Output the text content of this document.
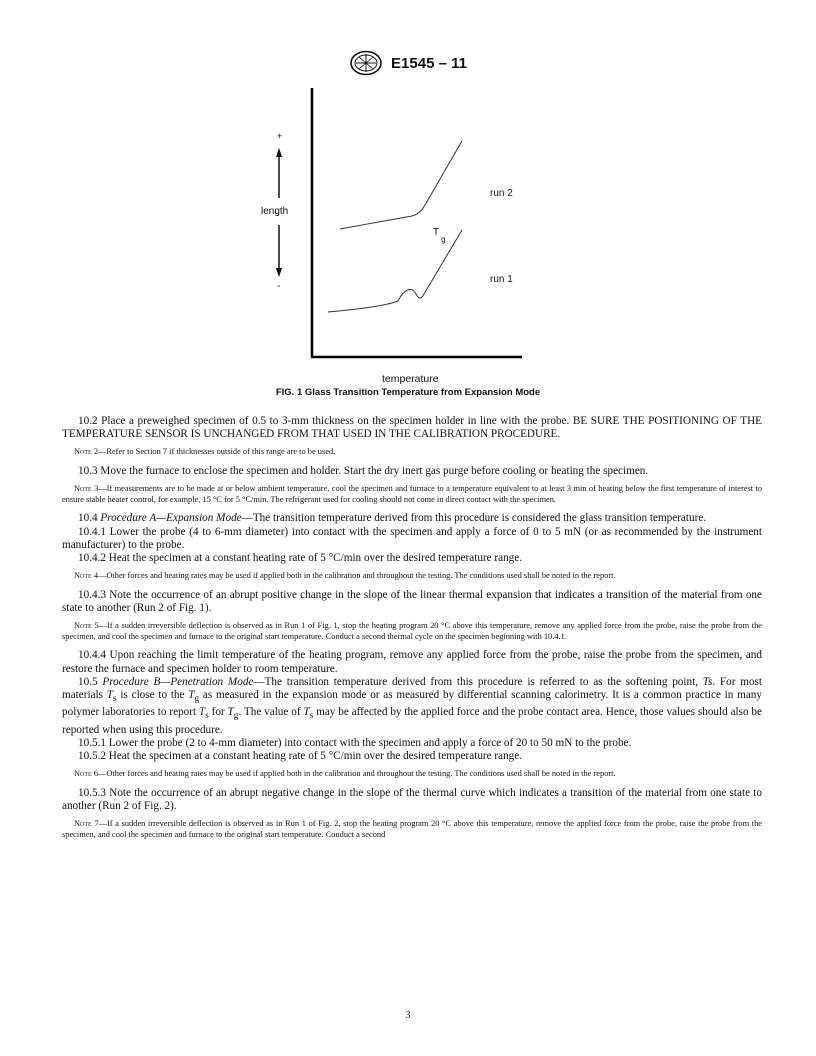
E1545 – 11
+
length
-
run 2
run 1
$T_g$
temperature
FIG. 1 Glass Transition Temperature from Expansion Mode

10.2 Place a preweighed specimen of 0.5 to 3-mm thickness on the specimen holder in line with the probe. BE SURE THE POSITIONING OF THE TEMPERATURE SENSOR IS UNCHANGED FROM THAT USED IN THE CALIBRATION PROCEDURE.

Note 2—Refer to Section 7 if thicknesses outside of this range are to be used.

10.3 Move the furnace to enclose the specimen and holder. Start the dry inert gas purge before cooling or heating the specimen.

Note 3—If measurements are to be made at or below ambient temperature, cool the specimen and furnace to a temperature equivalent to at least 3 min of heating below the first temperature of interest to ensure stable heater control, for example, 15 °C for 5 °C/min. The refrigerant used for cooling should not come in direct contact with the specimen.

10.4 Procedure A—Expansion Mode—The transition temperature derived from this procedure is considered the glass transition temperature.

10.4.1 Lower the probe (4 to 6-mm diameter) into contact with the specimen and apply a force of 0 to 5 mN (or as recommended by the instrument manufacturer) to the probe.

10.4.2 Heat the specimen at a constant heating rate of 5 °C/min over the desired temperature range.

Note 4—Other forces and heating rates may be used if applied both in the calibration and throughout the testing. The conditions used shall be noted in the report.

10.4.3 Note the occurrence of an abrupt positive change in the slope of the linear thermal expansion that indicates a transition of the material from one state to another (Run 2 of Fig. 1).

Note 5—If a sudden irreversible deflection is observed as in Run 1 of Fig. 1, stop the heating program 20 °C above this temperature, remove any applied force from the probe, raise the probe from the specimen, and cool the specimen and furnace to the original start temperature. Conduct a second thermal cycle on the specimen beginning with 10.4.1.

10.4.4 Upon reaching the limit temperature of the heating program, remove any applied force from the probe, raise the probe from the specimen, and restore the furnace and specimen holder to room temperature.

10.5 Procedure B—Penetration Mode—The transition temperature derived from this procedure is referred to as the softening point, Ts. For most materials $T_s$ is close to the $T_g$ as measured in the expansion mode or as measured by differential scanning calorimetry. It is a common practice in many polymer laboratories to report $T_s$ for $T_g$. The value of $T_s$ may be affected by the applied force and the probe contact area. Hence, those values should also be reported when using this procedure.

10.5.1 Lower the probe (2 to 4-mm diameter) into contact with the specimen and apply a force of 20 to 50 mN to the probe.

10.5.2 Heat the specimen at a constant heating rate of 5 °C/min over the desired temperature range.

Note 6—Other forces and heating rates may be used if applied both in the calibration and throughout the testing. The conditions used shall be noted in the report.

10.5.3 Note the occurrence of an abrupt negative change in the slope of the thermal curve which indicates a transition of the material from one state to another (Run 2 of Fig. 2).

Note 7—If a sudden irreversible deflection is observed as in Run 1 of Fig. 2, stop the heating program 20 °C above this temperature, remove the applied force from the probe, raise the probe from the specimen, and cool the specimen and furnace to the original start temperature. Conduct a second

3
